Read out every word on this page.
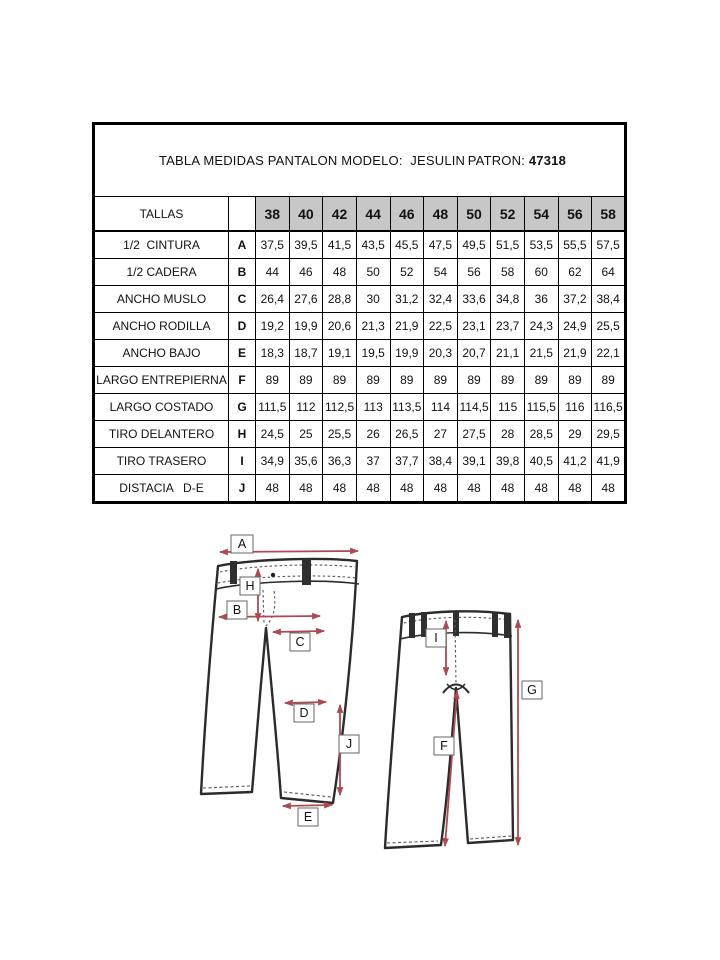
TABLA MEDIDAS PANTALON MODELO:  JESULIN PATRON: 47318												

TALLAS		38	40	42	44	46	48	50	52	54	56	58
1/2  CINTURA	A	37,5	39,5	41,5	43,5	45,5	47,5	49,5	51,5	53,5	55,5	57,5
1/2 CADERA	B	44	46	48	50	52	54	56	58	60	62	64
ANCHO MUSLO	C	26,4	27,6	28,8	30	31,2	32,4	33,6	34,8	36	37,2	38,4
ANCHO RODILLA	D	19,2	19,9	20,6	21,3	21,9	22,5	23,1	23,7	24,3	24,9	25,5
ANCHO BAJO	E	18,3	18,7	19,1	19,5	19,9	20,3	20,7	21,1	21,5	21,9	22,1
LARGO ENTREPIERNA	F	89	89	89	89	89	89	89	89	89	89	89
LARGO COSTADO	G	111,5	112	112,5	113	113,5	114	114,5	115	115,5	116	116,5
TIRO DELANTERO	H	24,5	25	25,5	26	26,5	27	27,5	28	28,5	29	29,5
TIRO TRASERO	I	34,9	35,6	36,3	37	37,7	38,4	39,1	39,8	40,5	41,2	41,9
DISTACIA   D-E	J	48	48	48	48	48	48	48	48	48	48	48
A
H
B
C
D
J
E
I
G
F
